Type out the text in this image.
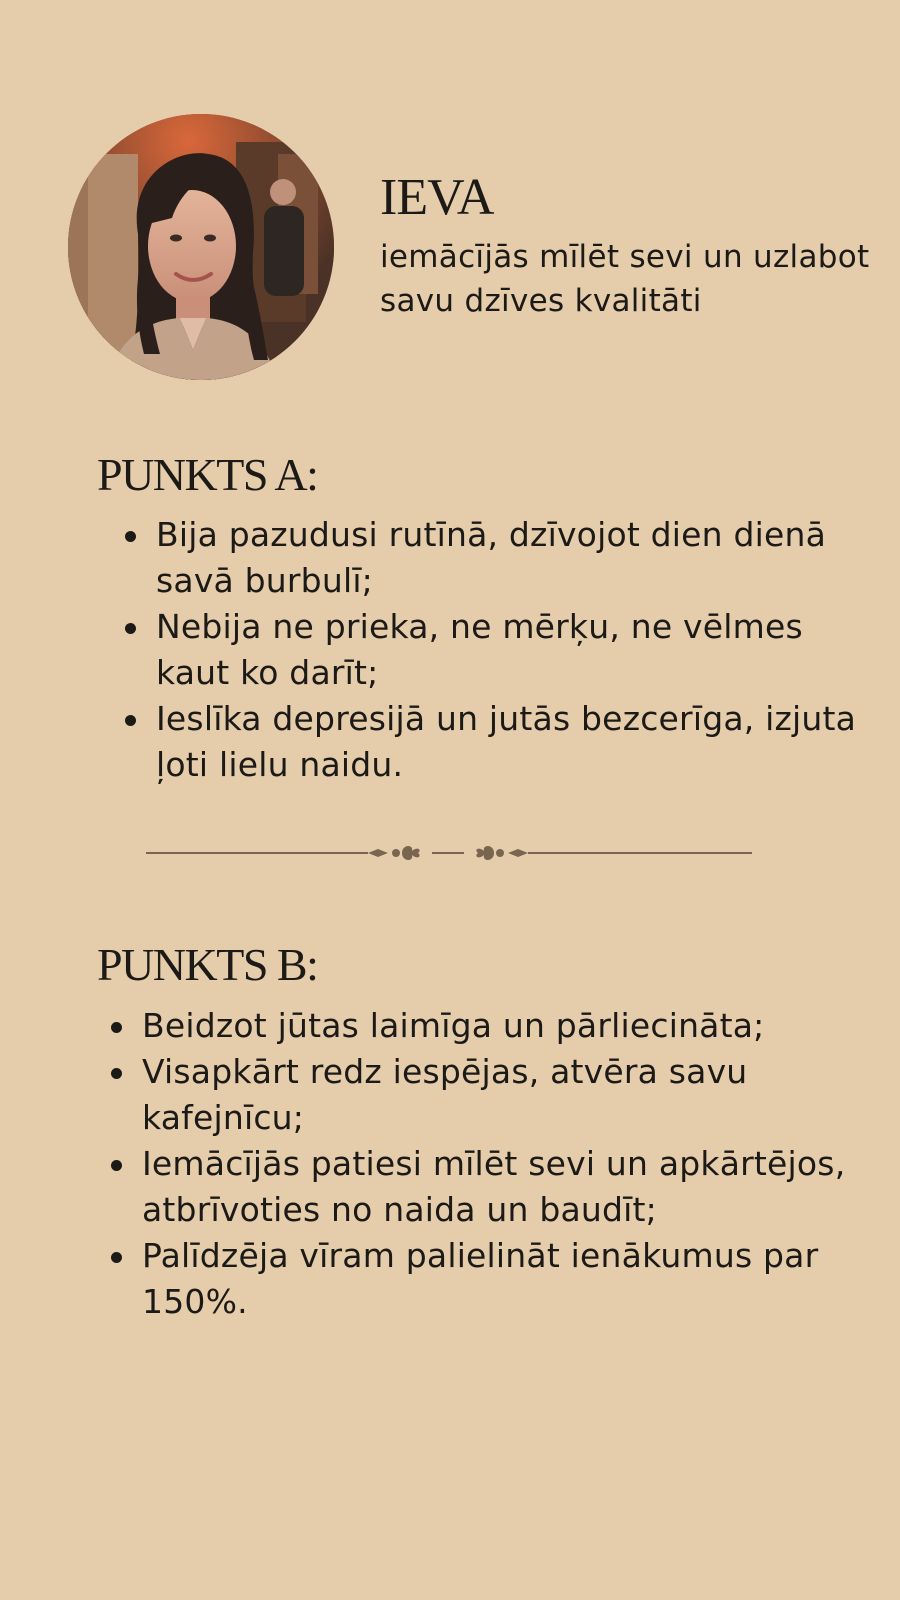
IEVA

iemācījās mīlēt sevi un uzlabot savu dzīves kvalitāti

PUNKTS A:
Bija pazudusi rutīnā, dzīvojot dien dienā savā burbulī;
Nebija ne prieka, ne mērķu, ne vēlmes kaut ko darīt;
Ieslīka depresijā un jutās bezcerīga, izjuta ļoti lielu naidu.
PUNKTS B:
Beidzot jūtas laimīga un pārliecināta;
Visapkārt redz iespējas, atvēra savu kafejnīcu;
Iemācījās patiesi mīlēt sevi un apkārtējos, atbrīvoties no naida un baudīt;
Palīdzēja vīram palielināt ienākumus par 150%.
